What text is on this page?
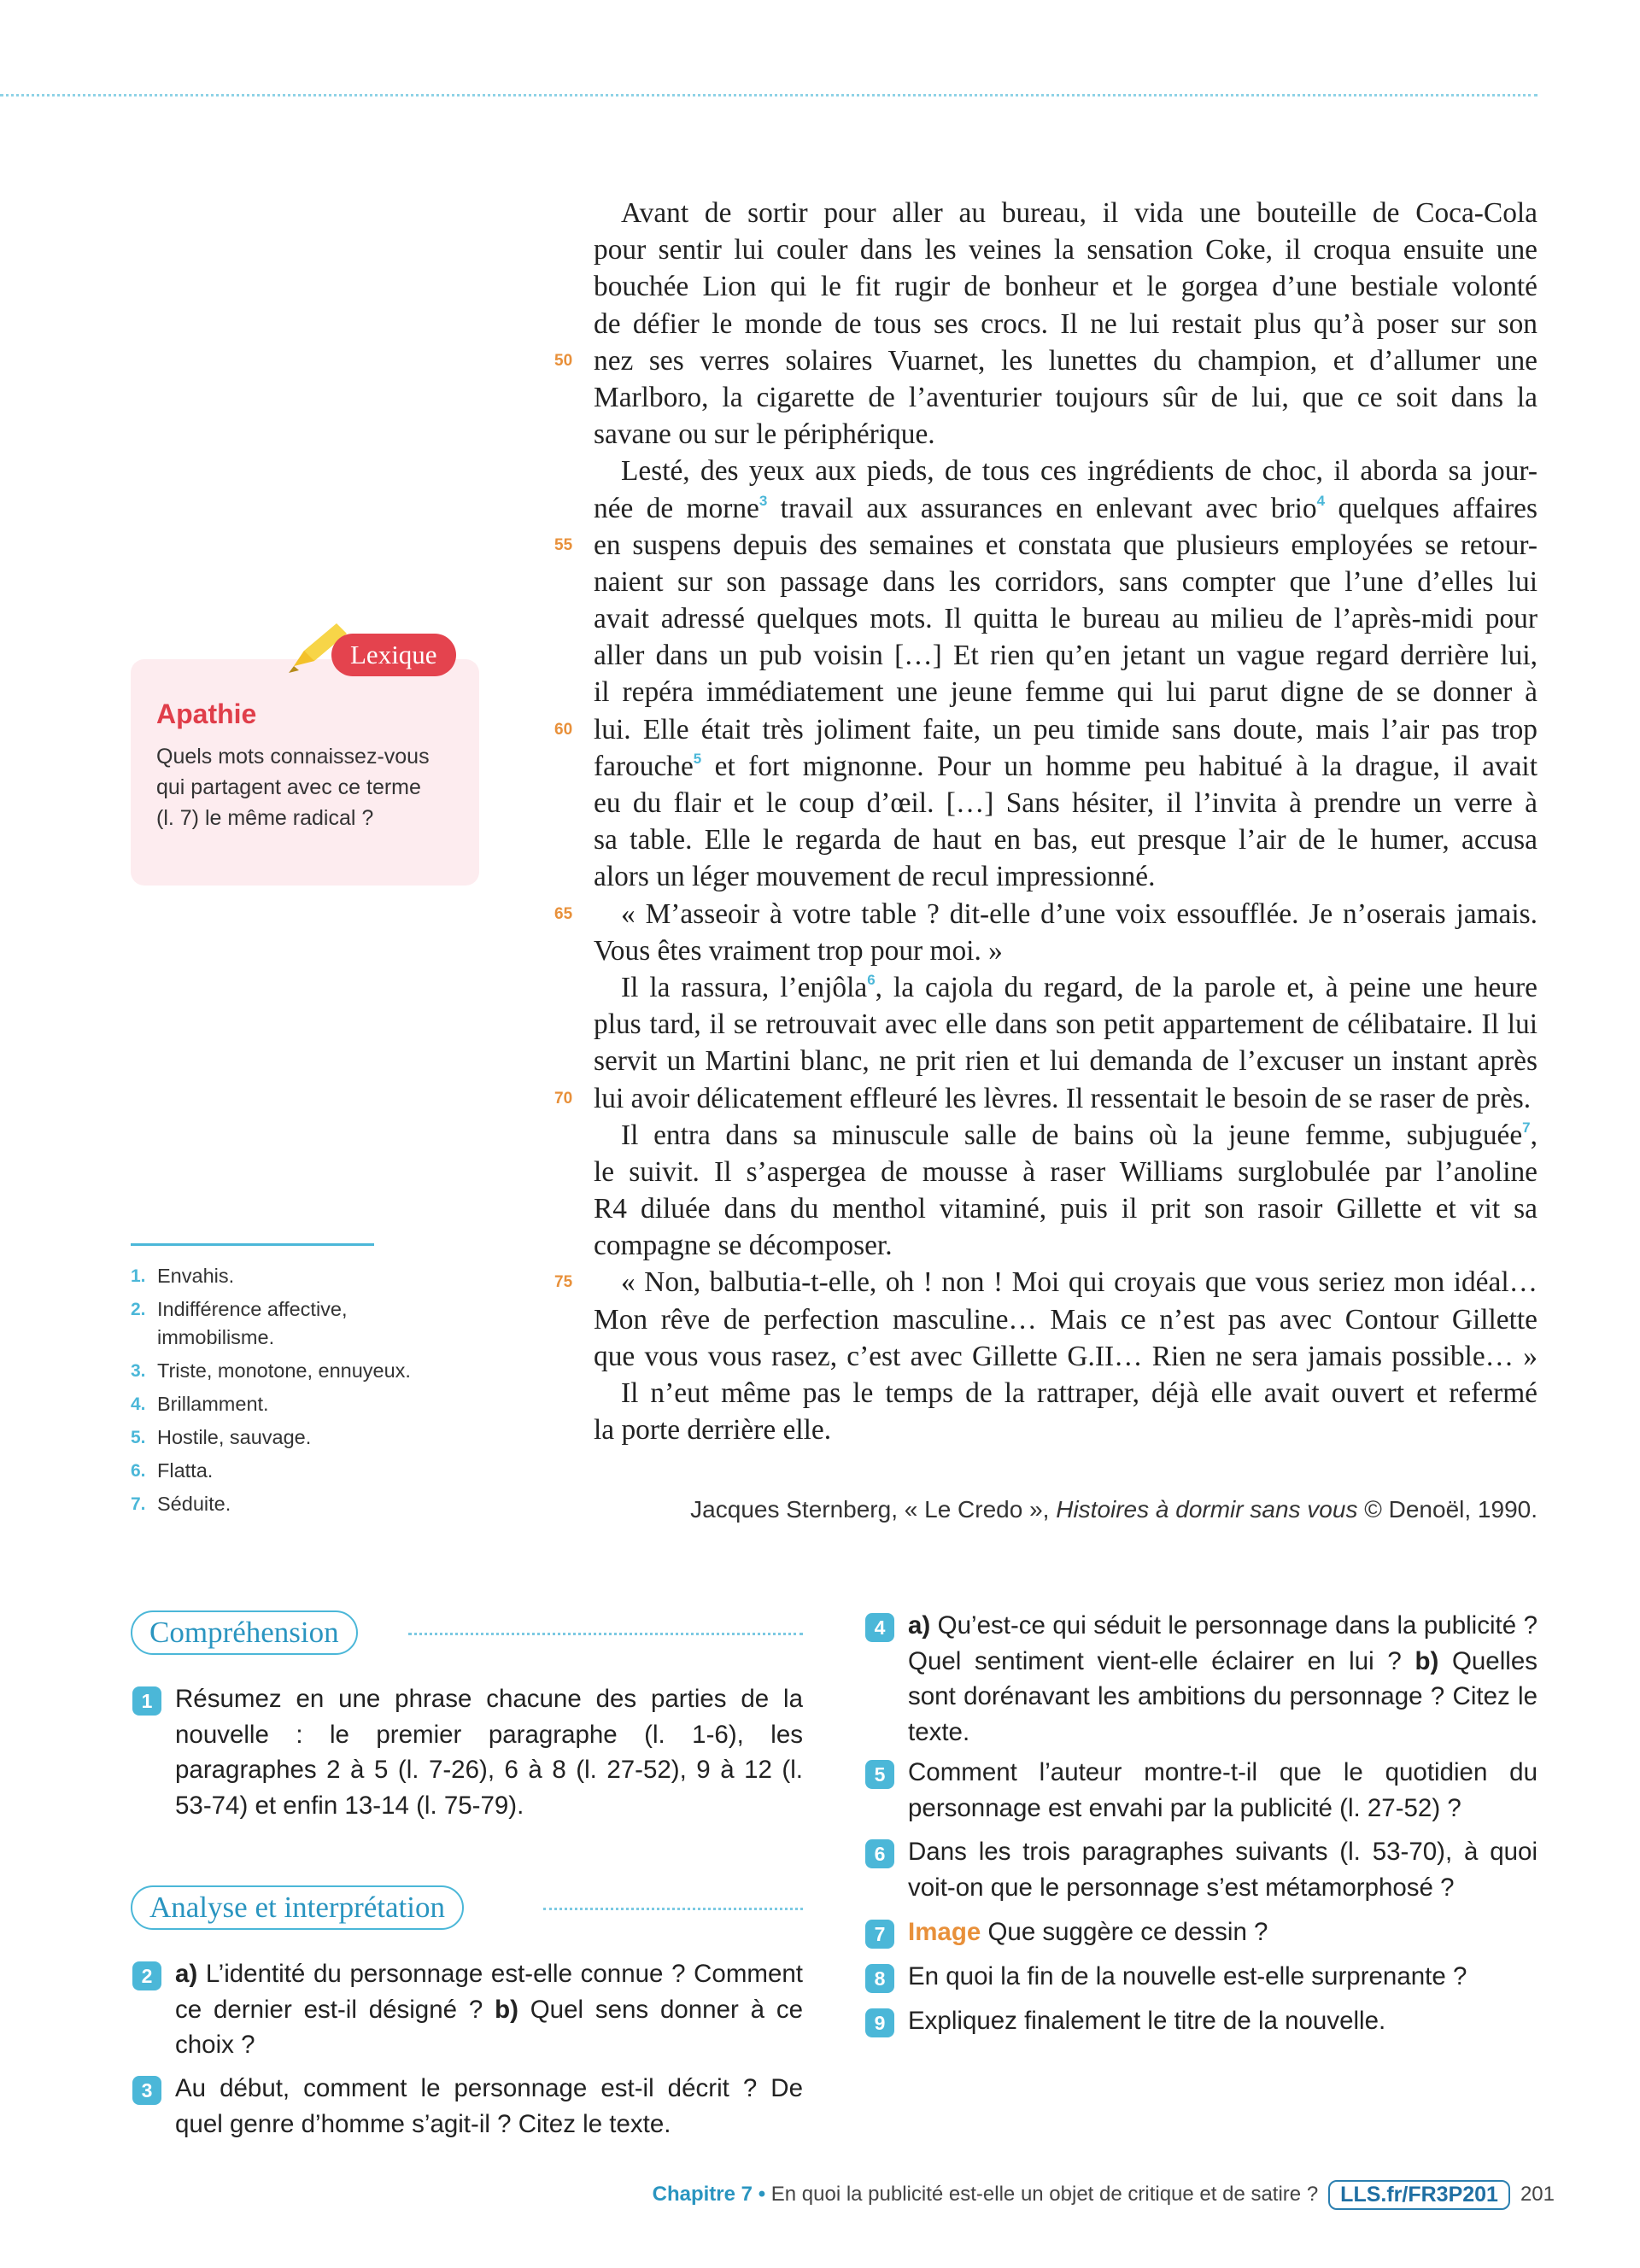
Avant de sortir pour aller au bureau, il vida une bouteille de Coca-Cola
pour sentir lui couler dans les veines la sensation Coke, il croqua ensuite une
bouchée Lion qui le fit rugir de bonheur et le gorgea d’une bestiale volonté
de défier le monde de tous ses crocs. Il ne lui restait plus qu’à poser sur son
nez ses verres solaires Vuarnet, les lunettes du champion, et d’allumer une
50
Marlboro, la cigarette de l’aventurier toujours sûr de lui, que ce soit dans la
savane ou sur le périphérique.
Lesté, des yeux aux pieds, de tous ces ingrédients de choc, il aborda sa jour-
née de morne$^3$ travail aux assurances en enlevant avec brio$^4$ quelques affaires
en suspens depuis des semaines et constata que plusieurs employées se retour-
55
naient sur son passage dans les corridors, sans compter que l’une d’elles lui
avait adressé quelques mots. Il quitta le bureau au milieu de l’après-midi pour
aller dans un pub voisin […] Et rien qu’en jetant un vague regard derrière lui,
il repéra immédiatement une jeune femme qui lui parut digne de se donner à
lui. Elle était très joliment faite, un peu timide sans doute, mais l’air pas trop
60
farouche$^5$ et fort mignonne. Pour un homme peu habitué à la drague, il avait
eu du flair et le coup d’œil. […] Sans hésiter, il l’invita à prendre un verre à
sa table. Elle le regarda de haut en bas, eut presque l’air de le humer, accusa
alors un léger mouvement de recul impressionné.
« M’asseoir à votre table ? dit-elle d’une voix essoufflée. Je n’oserais jamais.
65
Vous êtes vraiment trop pour moi. »
Il la rassura, l’enjôla$^6$, la cajola du regard, de la parole et, à peine une heure
plus tard, il se retrouvait avec elle dans son petit appartement de célibataire. Il lui
servit un Martini blanc, ne prit rien et lui demanda de l’excuser un instant après
lui avoir délicatement effleuré les lèvres. Il ressentait le besoin de se raser de près.
70
Il entra dans sa minuscule salle de bains où la jeune femme, subjuguée$^7$,
le suivit. Il s’aspergea de mousse à raser Williams surglobulée par l’anoline
R4 diluée dans du menthol vitaminé, puis il prit son rasoir Gillette et vit sa
compagne se décomposer.
« Non, balbutia-t-elle, oh ! non ! Moi qui croyais que vous seriez mon idéal…
75
Mon rêve de perfection masculine… Mais ce n’est pas avec Contour Gillette
que vous vous rasez, c’est avec Gillette G.II… Rien ne sera jamais possible… »
Il n’eut même pas le temps de la rattraper, déjà elle avait ouvert et refermé
la porte derrière elle.
Jacques Sternberg, « Le Credo », Histoires à dormir sans vous © Denoël, 1990.
Lexique
Apathie
Quels mots connaissez-vous qui partagent avec ce terme (l. 7) le même radical ?
1. Envahis.
2. Indifférence affective, immobilisme.
3. Triste, monotone, ennuyeux.
4. Brillamment.
5. Hostile, sauvage.
6. Flatta.
7. Séduite.
Compréhension
Analyse et interprétation
1 Résumez en une phrase chacune des parties de la nouvelle : le premier paragraphe (l. 1-6), les paragraphes 2 à 5 (l. 7-26), 6 à 8 (l. 27-52), 9 à 12 (l. 53-74) et enfin 13-14 (l. 75-79).
2 a) L’identité du personnage est-elle connue ? Comment ce dernier est-il désigné ? b) Quel sens donner à ce choix ?
3 Au début, comment le personnage est-il décrit ? De quel genre d’homme s’agit-il ? Citez le texte.
4 a) Qu’est-ce qui séduit le personnage dans la publicité ? Quel sentiment vient-elle éclairer en lui ? b) Quelles sont dorénavant les ambitions du personnage ? Citez le texte.
5 Comment l’auteur montre-t-il que le quotidien du personnage est envahi par la publicité (l. 27-52) ?
6 Dans les trois paragraphes suivants (l. 53-70), à quoi voit-on que le personnage s’est métamorphosé ?
7 Image Que suggère ce dessin ?
8 En quoi la fin de la nouvelle est-elle surprenante ?
9 Expliquez finalement le titre de la nouvelle.
Chapitre 7 • En quoi la publicité est-elle un objet de critique et de satire ?	LLS.fr/FR3P201	201
